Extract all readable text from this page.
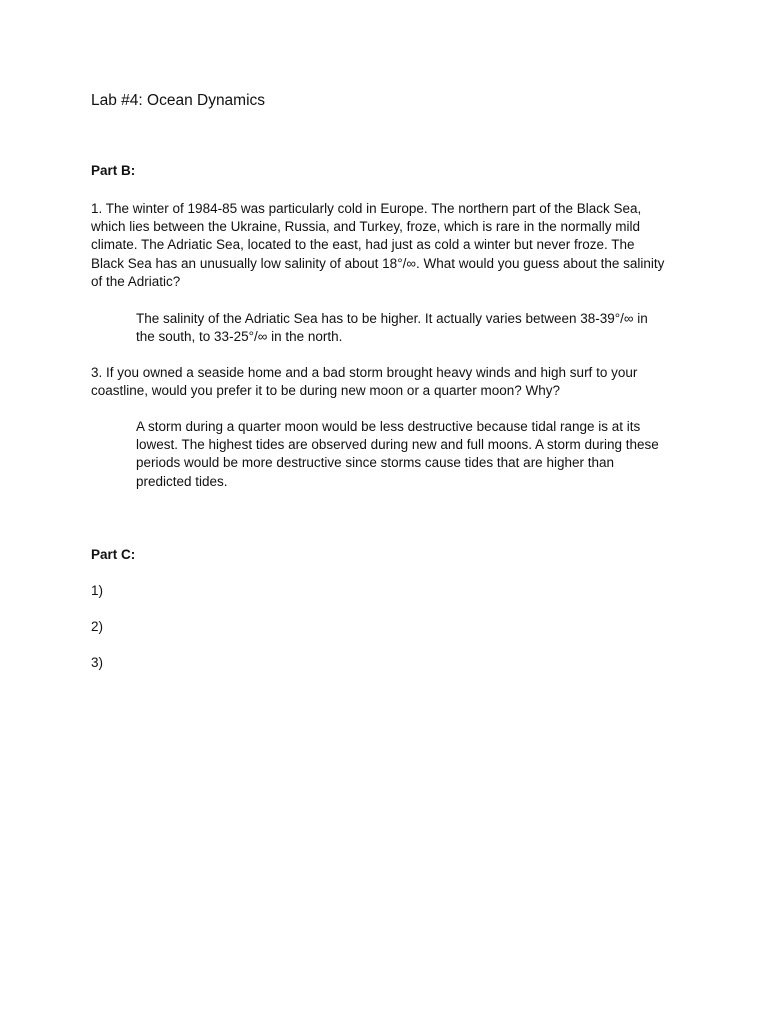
Lab #4: Ocean Dynamics
Part B:
1. The winter of 1984-85 was particularly cold in Europe. The northern part of the Black Sea,
which lies between the Ukraine, Russia, and Turkey, froze, which is rare in the normally mild
climate. The Adriatic Sea, located to the east, had just as cold a winter but never froze. The
Black Sea has an unusually low salinity of about 18°/∞. What would you guess about the salinity
of the Adriatic?
The salinity of the Adriatic Sea has to be higher. It actually varies between 38-39°/∞ in
the south, to 33-25°/∞ in the north.
3. If you owned a seaside home and a bad storm brought heavy winds and high surf to your
coastline, would you prefer it to be during new moon or a quarter moon? Why?
A storm during a quarter moon would be less destructive because tidal range is at its
lowest. The highest tides are observed during new and full moons. A storm during these
periods would be more destructive since storms cause tides that are higher than
predicted tides.
Part C:
1)
2)
3)
